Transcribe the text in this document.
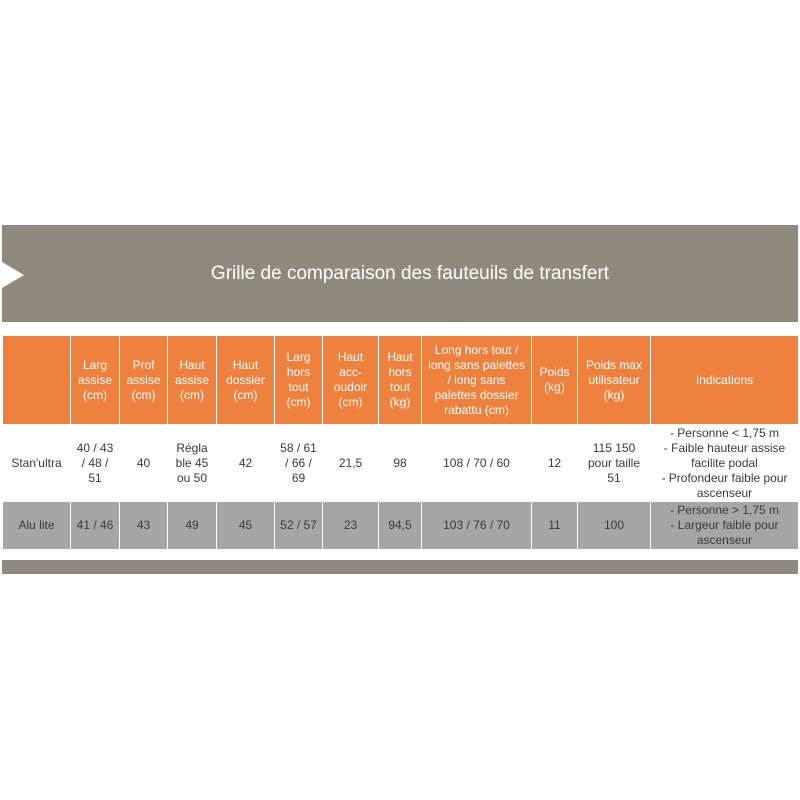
Grille de comparaison des fauteuils de transfert
	Larg assise (cm)	Prof assise (cm)	Haut assise (cm)	Haut dossier (cm)	Larg hors tout (cm)	Haut acc-oudoir (cm)	Haut hors tout (kg)	Long hors tout / long sans palettes / long sans palettes dossier rabattu (cm)	Poids (kg)	Poids max utilisateur (kg)	Indications
Stan'ultra	40 / 43 / 48 / 51	40	Régla ble 45 ou 50	42	58 / 61 / 66 / 69	21,5	98	108 / 70 / 60	12	115 150 pour taille 51	- Personne < 1,75 m
- Faible hauteur assise facilite podal
- Profondeur faible pour ascenseur

Alu lite	41 / 46	43	49	45	52 / 57	23	94,5	103 / 76 / 70	11	100	- Personne > 1,75 m
- Largeur faible pour ascenseur
